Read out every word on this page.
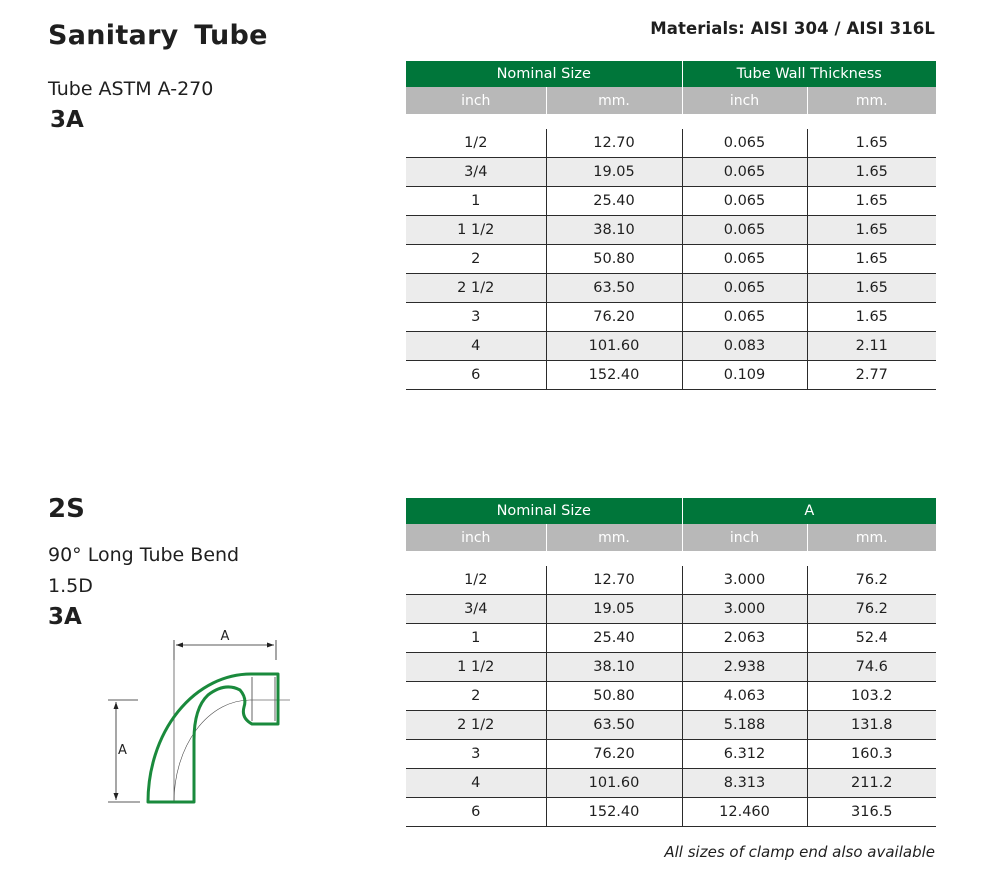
Sanitary Tube	Materials: AISI 304 / AISI 316L
Tube ASTM A-270
3A
Nominal Size		Tube Wall Thickness	
inch	mm.	inch	mm.

1/2	12.70	0.065	1.65
3/4	19.05	0.065	1.65
1	25.40	0.065	1.65
1 1/2	38.10	0.065	1.65
2	50.80	0.065	1.65
2 1/2	63.50	0.065	1.65
3	76.20	0.065	1.65
4	101.60	0.083	2.11
6	152.40	0.109	2.77
2S
90° Long Tube Bend
1.5D
3A
A
A
Nominal Size		A	
inch	mm.	inch	mm.

1/2	12.70	3.000	76.2
3/4	19.05	3.000	76.2
1	25.40	2.063	52.4
1 1/2	38.10	2.938	74.6
2	50.80	4.063	103.2
2 1/2	63.50	5.188	131.8
3	76.20	6.312	160.3
4	101.60	8.313	211.2
6	152.40	12.460	316.5
All sizes of clamp end also available
